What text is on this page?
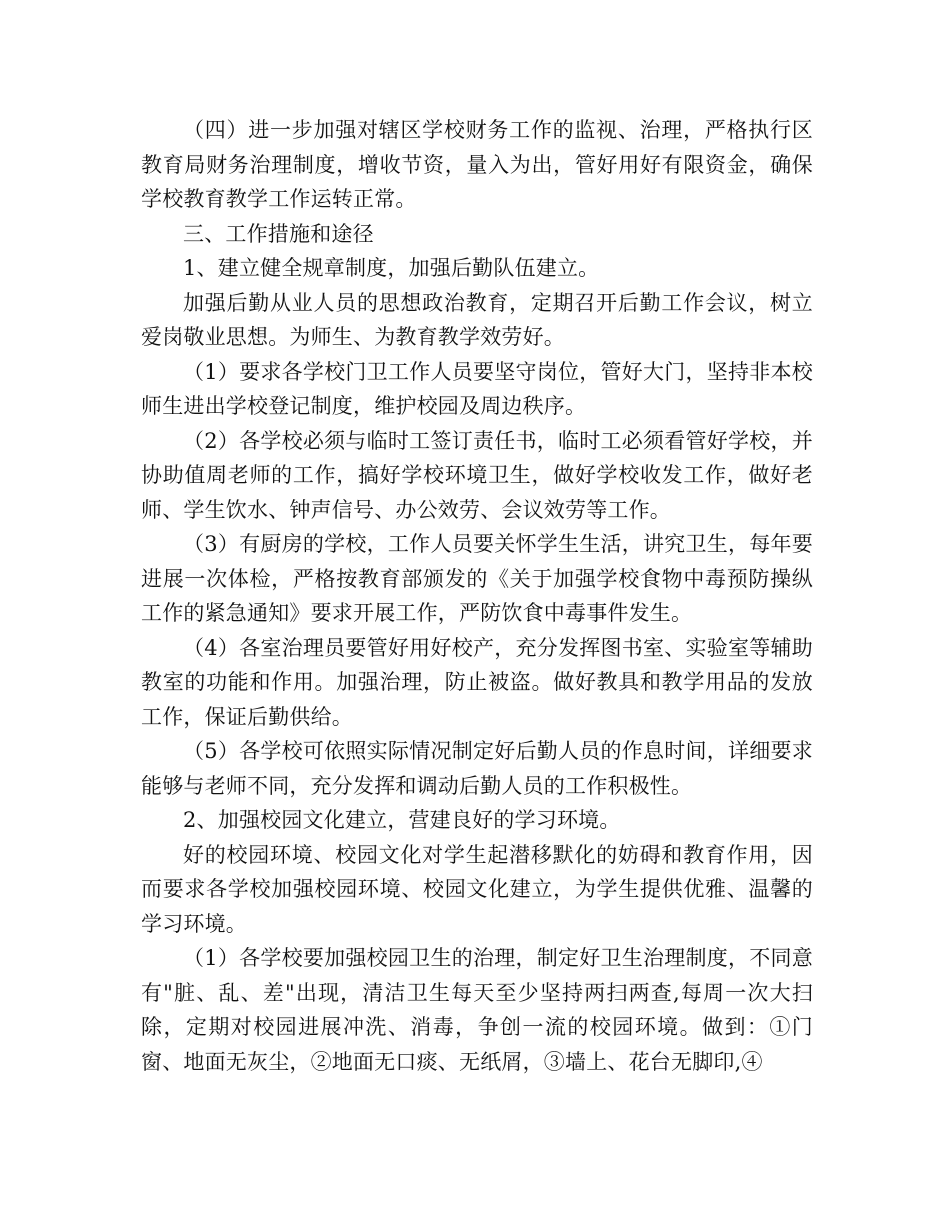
（四）进一步加强对辖区学校财务工作的监视、治理，严格执行区教育局财务治理制度，增收节资，量入为出，管好用好有限资金，确保学校教育教学工作运转正常。

三、工作措施和途径

1、建立健全规章制度，加强后勤队伍建立。

加强后勤从业人员的思想政治教育，定期召开后勤工作会议，树立爱岗敬业思想。为师生、为教育教学效劳好。

（1）要求各学校门卫工作人员要坚守岗位，管好大门，坚持非本校师生进出学校登记制度，维护校园及周边秩序。

（2）各学校必须与临时工签订责任书，临时工必须看管好学校，并协助值周老师的工作，搞好学校环境卫生，做好学校收发工作，做好老师、学生饮水、钟声信号、办公效劳、会议效劳等工作。

（3）有厨房的学校，工作人员要关怀学生生活，讲究卫生，每年要进展一次体检，严格按教育部颁发的《关于加强学校食物中毒预防操纵工作的紧急通知》要求开展工作，严防饮食中毒事件发生。

（4）各室治理员要管好用好校产，充分发挥图书室、实验室等辅助教室的功能和作用。加强治理，防止被盗。做好教具和教学用品的发放工作，保证后勤供给。

（5）各学校可依照实际情况制定好后勤人员的作息时间，详细要求能够与老师不同，充分发挥和调动后勤人员的工作积极性。

2、加强校园文化建立，营建良好的学习环境。

好的校园环境、校园文化对学生起潜移默化的妨碍和教育作用，因而要求各学校加强校园环境、校园文化建立，为学生提供优雅、温馨的学习环境。

（1）各学校要加强校园卫生的治理，制定好卫生治理制度，不同意有"脏、乱、差"出现，清洁卫生每天至少坚持两扫两查,每周一次大扫除，定期对校园进展冲洗、消毒，争创一流的校园环境。做到：①门窗、地面无灰尘，②地面无口痰、无纸屑，③墙上、花台无脚印,④
